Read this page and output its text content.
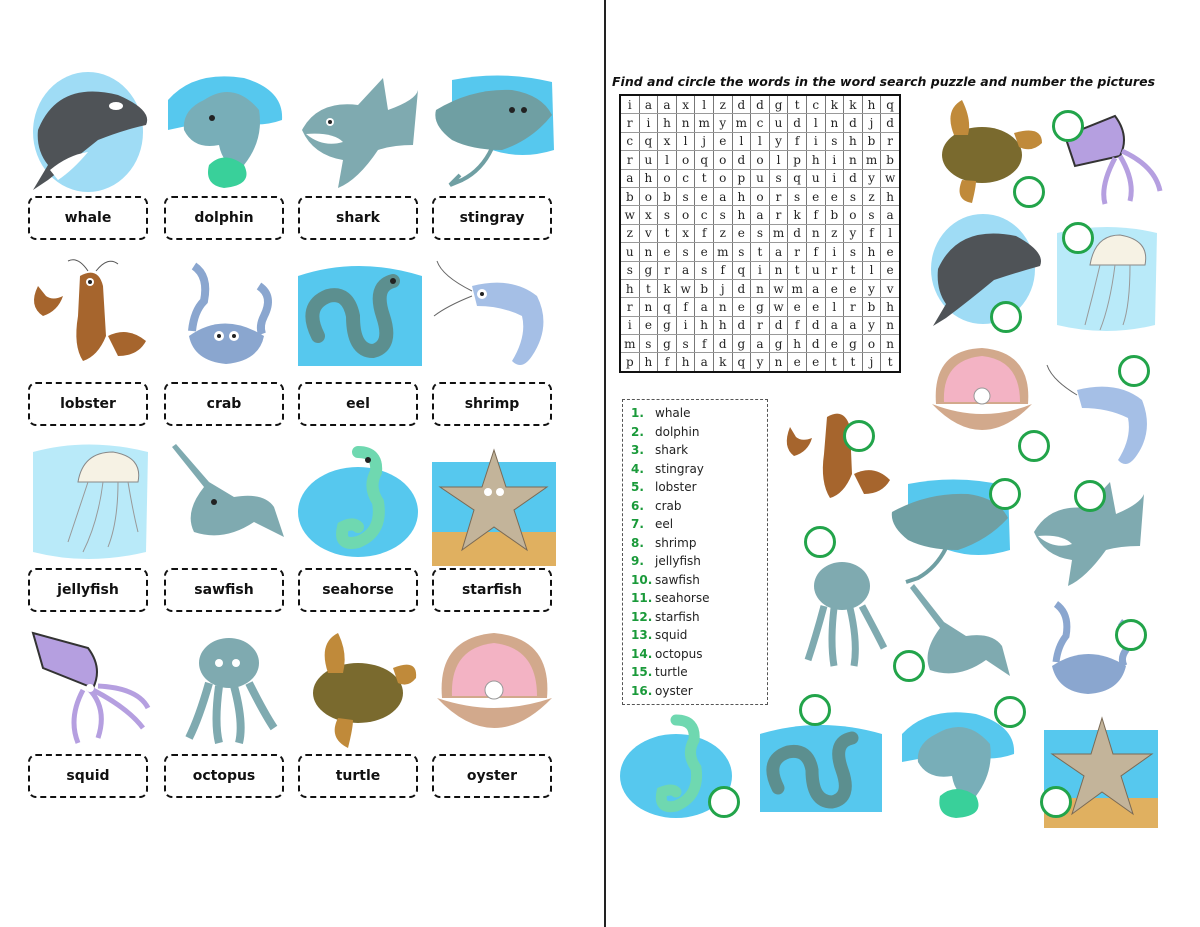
whale	dolphin	shark	stingray
lobster	crab	eel	shrimp
jellyfish	sawfish	seahorse	starfish
squid	octopus	turtle	oyster
Find and circle the words in the word search puzzle and number the pictures
i	a	a	x	l	z	d	d	g	t	c	k	k	h	q
r	i	h	n	m	y	m	c	u	d	l	n	d	j	d
c	q	x	l	j	e	l	l	y	f	i	s	h	b	r
r	u	l	o	q	o	d	o	l	p	h	i	n	m	b
a	h	o	c	t	o	p	u	s	q	u	i	d	y	w
b	o	b	s	e	a	h	o	r	s	e	e	s	z	h
w	x	s	o	c	s	h	a	r	k	f	b	o	s	a
z	v	t	x	f	z	e	s	m	d	n	z	y	f	l
u	n	e	s	e	m	s	t	a	r	f	i	s	h	e
s	g	r	a	s	f	q	i	n	t	u	r	t	l	e
h	t	k	w	b	j	d	n	w	m	a	e	e	y	v
r	n	q	f	a	n	e	g	w	e	e	l	r	b	h
i	e	g	i	h	h	d	r	d	f	d	a	a	y	n
m	s	g	s	f	d	g	a	g	h	d	e	g	o	n
p	h	f	h	a	k	q	y	n	e	e	t	t	j	t
1. whale
2. dolphin
3. shark
4. stingray
5. lobster
6. crab
7. eel
8. shrimp
9. jellyfish
10. sawfish
11. seahorse
12. starfish
13. squid
14. octopus
15. turtle
16. oyster
